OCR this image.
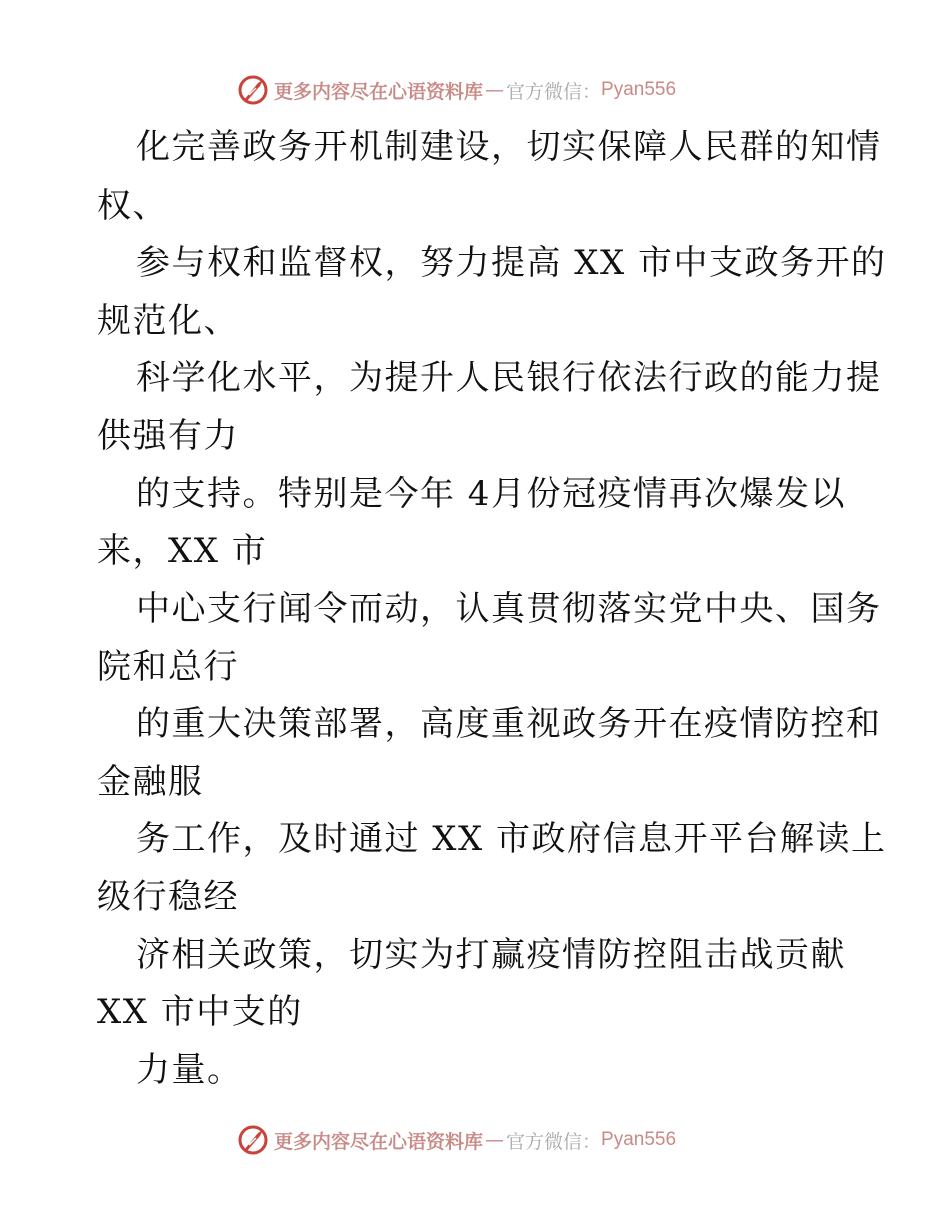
更多内容尽在心语资料库 — 官方微信： Pyan556
化完善政务开机制建设，切实保障人民群的知情
权、
参与权和监督权，努力提高 XX 市中支政务开的
规范化、
科学化水平，为提升人民银行依法行政的能力提
供强有力
的支持。特别是今年 4月份冠疫情再次爆发以
来，XX 市
中心支行闻令而动，认真贯彻落实党中央、国务
院和总行
的重大决策部署，高度重视政务开在疫情防控和
金融服
务工作，及时通过 XX 市政府信息开平台解读上
级行稳经
济相关政策，切实为打赢疫情防控阻击战贡献
XX 市中支的
力量。
更多内容尽在心语资料库 — 官方微信： Pyan556
